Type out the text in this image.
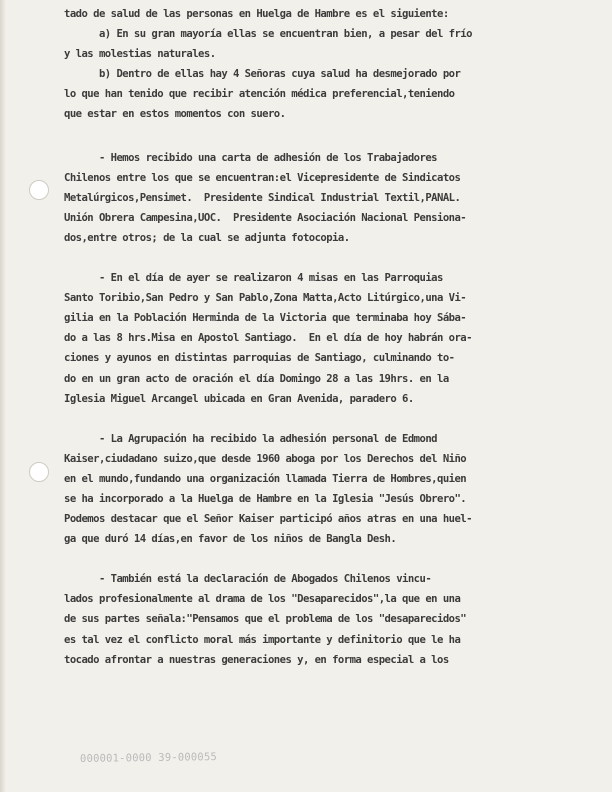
tado de salud de las personas en Huelga de Hambre es el siguiente:
a) En su gran mayoría ellas se encuentran bien, a pesar del frío
y las molestias naturales.
b) Dentro de ellas hay 4 Señoras cuya salud ha desmejorado por
lo que han tenido que recibir atención médica preferencial,teniendo
que estar en estos momentos con suero.
- Hemos recibido una carta de adhesión de los Trabajadores
Chilenos entre los que se encuentran:el Vicepresidente de Sindicatos
Metalúrgicos,Pensimet.  Presidente Sindical Industrial Textil,PANAL.
Unión Obrera Campesina,UOC.  Presidente Asociación Nacional Pensiona-
dos,entre otros; de la cual se adjunta fotocopia.
- En el día de ayer se realizaron 4 misas en las Parroquias
Santo Toribio,San Pedro y San Pablo,Zona Matta,Acto Litúrgico,una Vi-
gilia en la Población Herminda de la Victoria que terminaba hoy Sába-
do a las 8 hrs.Misa en Apostol Santiago.  En el día de hoy habrán ora-
ciones y ayunos en distintas parroquias de Santiago, culminando to-
do en un gran acto de oración el día Domingo 28 a las 19hrs. en la
Iglesia Miguel Arcangel ubicada en Gran Avenida, paradero 6.
- La Agrupación ha recibido la adhesión personal de Edmond
Kaiser,ciudadano suizo,que desde 1960 aboga por los Derechos del Niño
en el mundo,fundando una organización llamada Tierra de Hombres,quien
se ha incorporado a la Huelga de Hambre en la Iglesia "Jesús Obrero".
Podemos destacar que el Señor Kaiser participó años atras en una huel-
ga que duró 14 días,en favor de los niños de Bangla Desh.
- También está la declaración de Abogados Chilenos vincu-
lados profesionalmente al drama de los "Desaparecidos",la que en una
de sus partes señala:"Pensamos que el problema de los "desaparecidos"
es tal vez el conflicto moral más importante y definitorio que le ha
tocado afrontar a nuestras generaciones y, en forma especial a los
000001-0000 39-000055
